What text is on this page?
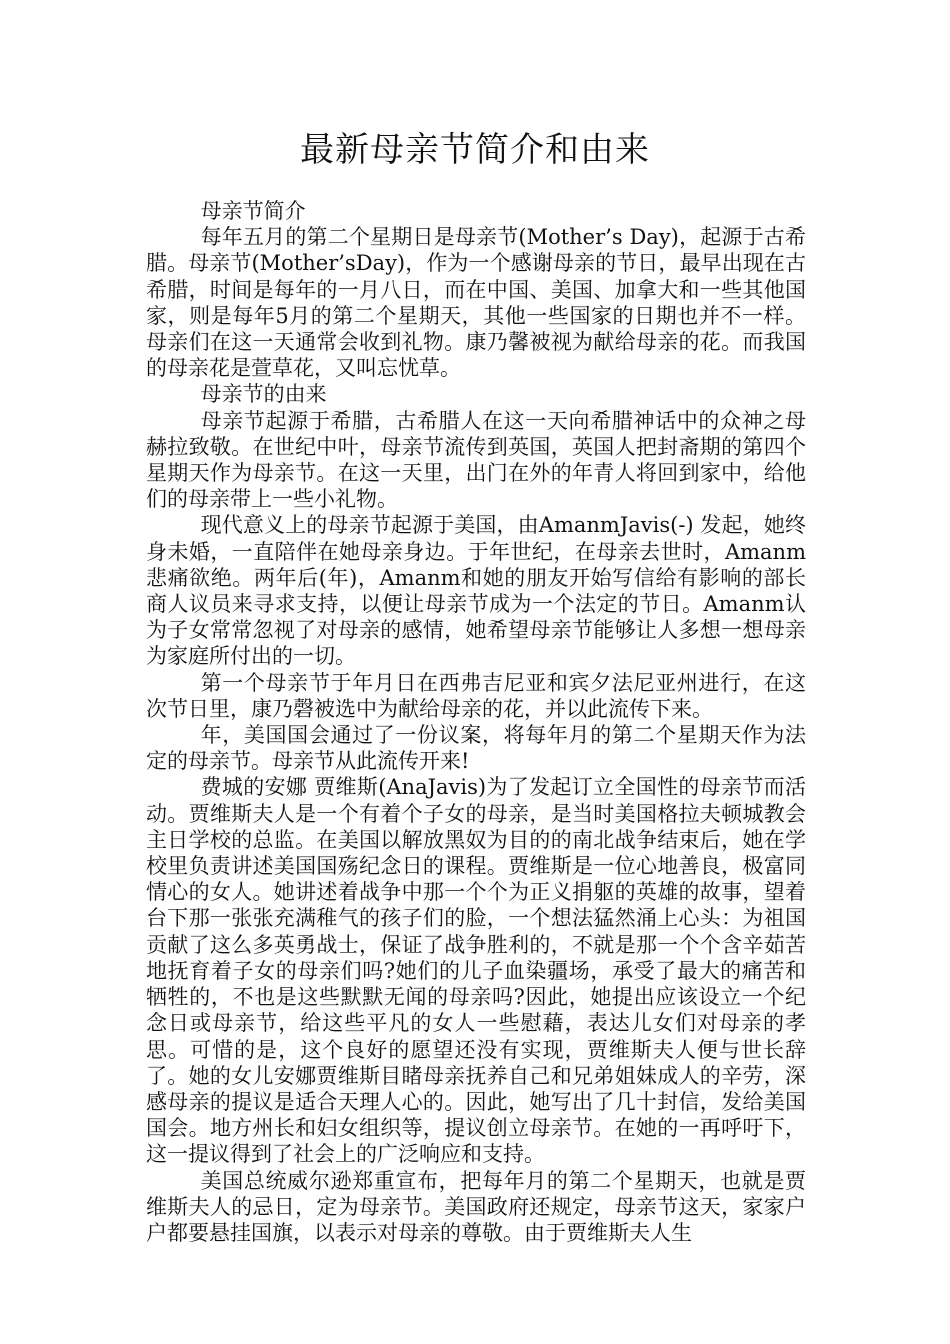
最新母亲节简介和由来

母亲节简介

每年五月的第二个星期日是母亲节(Mother’s Day)，起源于古希腊。母亲节(Mother’sDay)，作为一个感谢母亲的节日，最早出现在古希腊，时间是每年的一月八日，而在中国、美国、加拿大和一些其他国家，则是每年5月的第二个星期天，其他一些国家的日期也并不一样。母亲们在这一天通常会收到礼物。康乃馨被视为献给母亲的花。而我国的母亲花是萱草花，又叫忘忧草。

母亲节的由来

母亲节起源于希腊，古希腊人在这一天向希腊神话中的众神之母赫拉致敬。在世纪中叶，母亲节流传到英国，英国人把封斋期的第四个星期天作为母亲节。在这一天里，出门在外的年青人将回到家中，给他们的母亲带上一些小礼物。

现代意义上的母亲节起源于美国，由AmanmJavis(-) 发起，她终身未婚，一直陪伴在她母亲身边。于年世纪，在母亲去世时，Amanm悲痛欲绝。两年后(年)，Amanm和她的朋友开始写信给有影响的部长商人议员来寻求支持，以便让母亲节成为一个法定的节日。Amanm认为子女常常忽视了对母亲的感情，她希望母亲节能够让人多想一想母亲为家庭所付出的一切。

第一个母亲节于年月日在西弗吉尼亚和宾夕法尼亚州进行，在这次节日里，康乃磬被选中为献给母亲的花，并以此流传下来。

年，美国国会通过了一份议案，将每年月的第二个星期天作为法定的母亲节。母亲节从此流传开来!

费城的安娜 贾维斯(AnaJavis)为了发起订立全国性的母亲节而活动。贾维斯夫人是一个有着个子女的母亲，是当时美国格拉夫顿城教会主日学校的总监。在美国以解放黑奴为目的的南北战争结束后，她在学校里负责讲述美国国殇纪念日的课程。贾维斯是一位心地善良，极富同情心的女人。她讲述着战争中那一个个为正义捐躯的英雄的故事，望着台下那一张张充满稚气的孩子们的脸，一个想法猛然涌上心头：为祖国贡献了这么多英勇战士，保证了战争胜利的，不就是那一个个含辛茹苦地抚育着子女的母亲们吗?她们的儿子血染疆场，承受了最大的痛苦和牺牲的，不也是这些默默无闻的母亲吗?因此，她提出应该设立一个纪念日或母亲节，给这些平凡的女人一些慰藉，表达儿女们对母亲的孝思。可惜的是，这个良好的愿望还没有实现，贾维斯夫人便与世长辞了。她的女儿安娜贾维斯目睹母亲抚养自己和兄弟姐妹成人的辛劳，深感母亲的提议是适合天理人心的。因此，她写出了几十封信，发给美国国会。地方州长和妇女组织等，提议创立母亲节。在她的一再呼吁下，这一提议得到了社会上的广泛响应和支持。

美国总统威尔逊郑重宣布，把每年月的第二个星期天，也就是贾维斯夫人的忌日，定为母亲节。美国政府还规定，母亲节这天，家家户户都要悬挂国旗，以表示对母亲的尊敬。由于贾维斯夫人生
